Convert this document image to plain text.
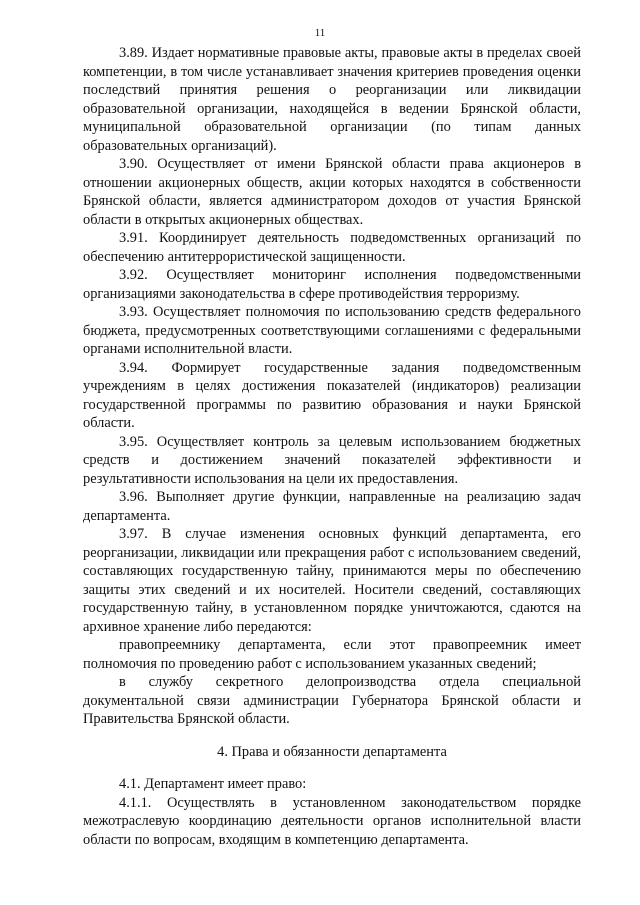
11

3.89. Издает нормативные правовые акты, правовые акты в пределах своей компетенции, в том числе устанавливает значения критериев проведения оценки последствий принятия решения о реорганизации или ликвидации образовательной организации, находящейся в ведении Брянской области, муниципальной образовательной организации (по типам данных образовательных организаций).

3.90. Осуществляет от имени Брянской области права акционеров в отношении акционерных обществ, акции которых находятся в собственности Брянской области, является администратором доходов от участия Брянской области в открытых акционерных обществах.

3.91. Координирует деятельность подведомственных организаций по обеспечению антитеррористической защищенности.

3.92. Осуществляет мониторинг исполнения подведомственными организациями законодательства в сфере противодействия терроризму.

3.93. Осуществляет полномочия по использованию средств федерального бюджета, предусмотренных соответствующими соглашениями с федеральными органами исполнительной власти.

3.94. Формирует государственные задания подведомственным учреждениям в целях достижения показателей (индикаторов) реализации государственной программы по развитию образования и науки Брянской области.

3.95. Осуществляет контроль за целевым использованием бюджетных средств и достижением значений показателей эффективности и результативности использования на цели их предоставления.

3.96. Выполняет другие функции, направленные на реализацию задач департамента.

3.97. В случае изменения основных функций департамента, его реорганизации, ликвидации или прекращения работ с использованием сведений, составляющих государственную тайну, принимаются меры по обеспечению защиты этих сведений и их носителей. Носители сведений, составляющих государственную тайну, в установленном порядке уничтожаются, сдаются на архивное хранение либо передаются:

правопреемнику департамента, если этот правопреемник имеет полномочия по проведению работ с использованием указанных сведений;

в службу секретного делопроизводства отдела специальной документальной связи администрации Губернатора Брянской области и Правительства Брянской области.

4. Права и обязанности департамента

4.1. Департамент имеет право:

4.1.1. Осуществлять в установленном законодательством порядке межотраслевую координацию деятельности органов исполнительной власти области по вопросам, входящим в компетенцию департамента.
